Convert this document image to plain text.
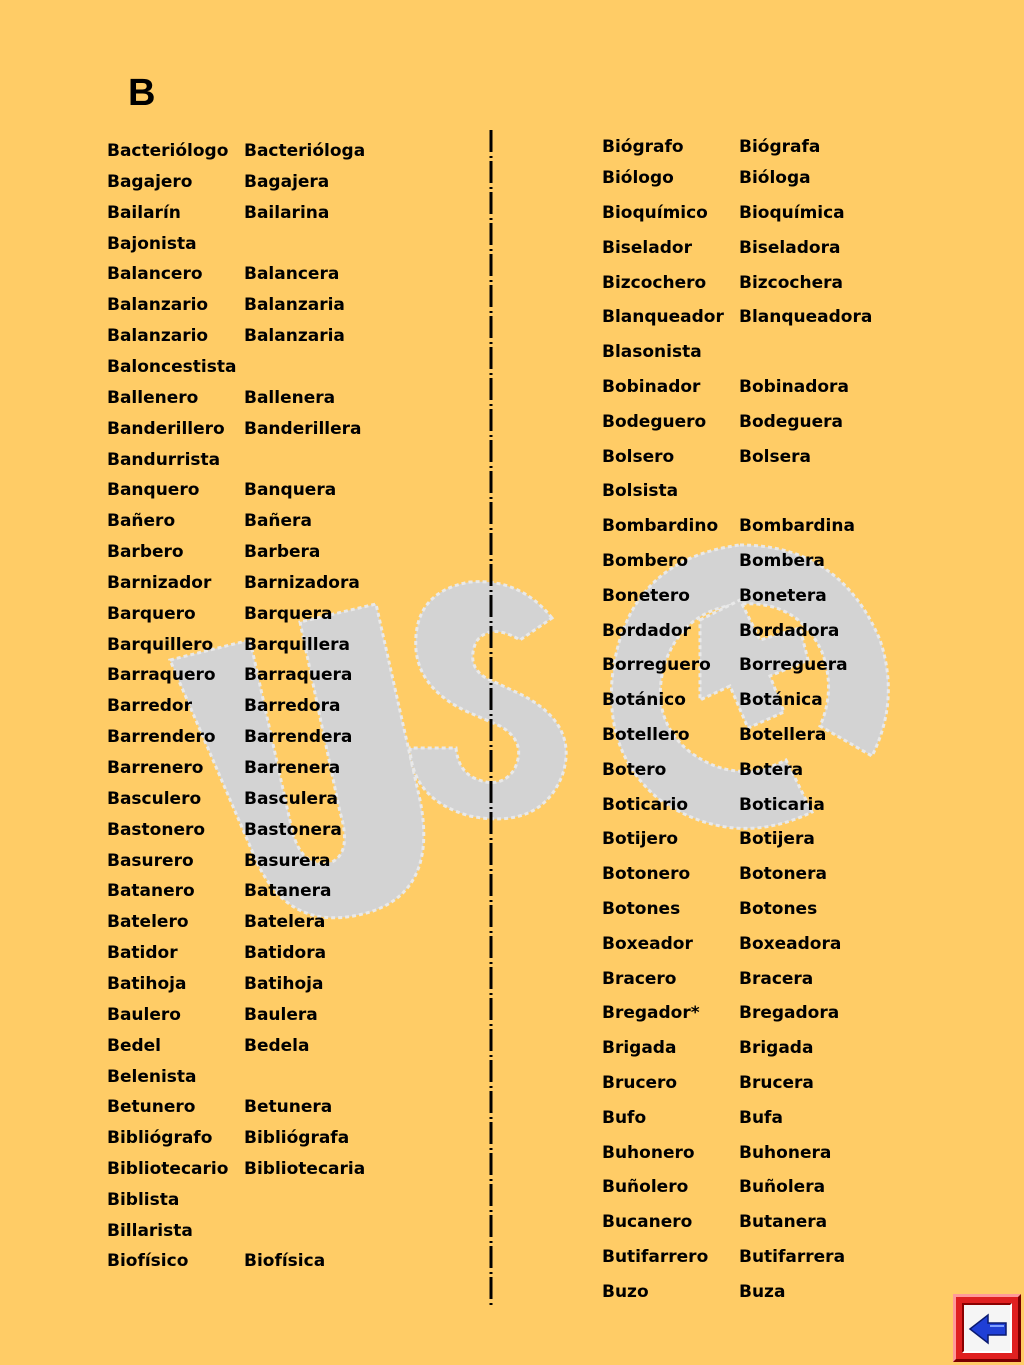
B
Bacteriólogo Bacterióloga
Bagajero	Bagajera
Bailarín	Bailarina
Bajonista
Balancero Balancera
Balanzario Balanzaria
Balanzario Balanzaria
Baloncestista
Ballenero	Ballenera
Banderillero Banderillera
Bandurrista
Banquero	Banquera
Bañero	Bañera
Barbero	Barbera
Barnizador Barnizadora
Barquero	Barquera
Barquillero Barquillera
Barraquero Barraquera
Barredor	Barredora
Barrendero Barrendera
Barrenero Barrenera
Basculero	Basculera
Bastonero Bastonera
Basurero	Basurera
Batanero	Batanera
Batelero	Batelera
Batidor	Batidora
Batihoja	Batihoja
Baulero	Baulera
Bedel	Bedela
Belenista
Betunero	Betunera
Bibliógrafo Bibliógrafa
Bibliotecario Bibliotecaria
Biblista
Billarista
Biofísico	Biofísica
Biógrafo	Biógrafa
Biólogo	Bióloga
Bioquímico Bioquímica
Biselador	Biseladora
Bizcochero Bizcochera
Blanqueador Blanqueadora
Blasonista
Bobinador Bobinadora
Bodeguero Bodeguera
Bolsero	Bolsera
Bolsista
Bombardino Bombardina
Bombero	Bombera
Bonetero	Bonetera
Bordador	Bordadora
Borreguero Borreguera
Botánico	Botánica
Botellero	Botellera
Botero	Botera
Boticario	Boticaria
Botijero	Botijera
Botonero	Botonera
Botones	Botones
Boxeador	Boxeadora
Bracero	Bracera
Bregador* Bregadora
Brigada	Brigada
Brucero	Brucera
Bufo	Bufa
Buhonero	Buhonera
Buñolero	Buñolera
Bucanero	Butanera
Butifarrero Butifarrera
Buzo	Buza
